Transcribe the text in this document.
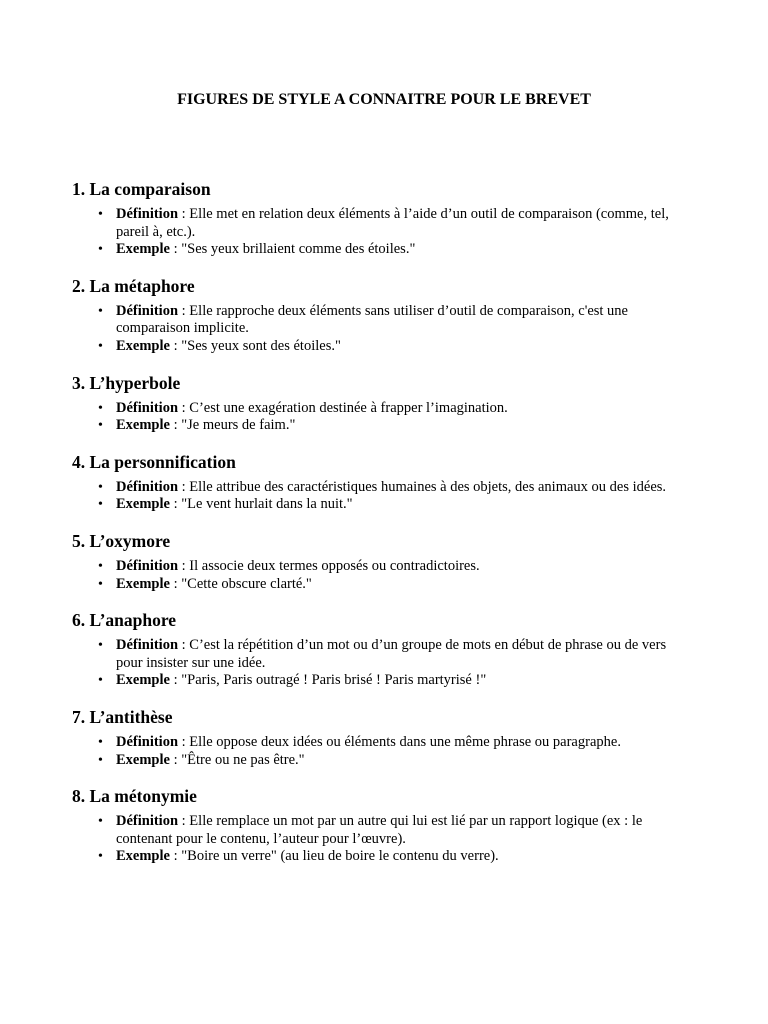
FIGURES DE STYLE A CONNAITRE POUR LE BREVET
1. La comparaison
• Définition : Elle met en relation deux éléments à l’aide d’un outil de comparaison (comme, tel, pareil à, etc.).
• Exemple : "Ses yeux brillaient comme des étoiles."
2. La métaphore
• Définition : Elle rapproche deux éléments sans utiliser d’outil de comparaison, c'est une comparaison implicite.
• Exemple : "Ses yeux sont des étoiles."
3. L’hyperbole
• Définition : C’est une exagération destinée à frapper l’imagination.
• Exemple : "Je meurs de faim."
4. La personnification
• Définition : Elle attribue des caractéristiques humaines à des objets, des animaux ou des idées.
• Exemple : "Le vent hurlait dans la nuit."
5. L’oxymore
• Définition : Il associe deux termes opposés ou contradictoires.
• Exemple : "Cette obscure clarté."
6. L’anaphore
• Définition : C’est la répétition d’un mot ou d’un groupe de mots en début de phrase ou de vers pour insister sur une idée.
• Exemple : "Paris, Paris outragé ! Paris brisé ! Paris martyrisé !"
7. L’antithèse
• Définition : Elle oppose deux idées ou éléments dans une même phrase ou paragraphe.
• Exemple : "Être ou ne pas être."
8. La métonymie
• Définition : Elle remplace un mot par un autre qui lui est lié par un rapport logique (ex : le contenant pour le contenu, l’auteur pour l’œuvre).
• Exemple : "Boire un verre" (au lieu de boire le contenu du verre).
